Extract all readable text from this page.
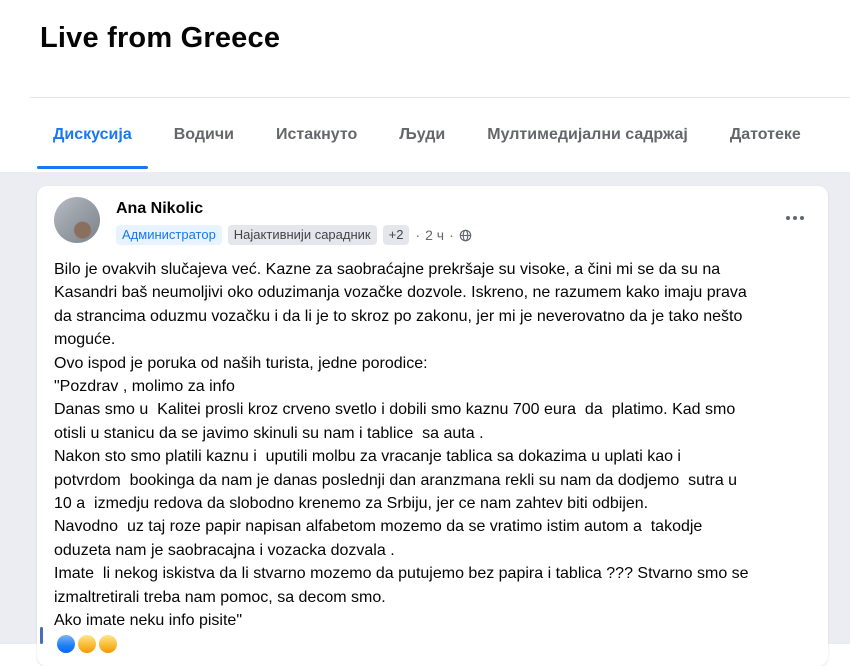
Live from Greece
Дискусија	Водичи	Истакнуто	Људи	Мултимедијални садржај	Датотеке
Ana Nikolic
Администратор	Најактивнији сарадник	+2 · 2 ч ·
Bilo je ovakvih slučajeva već. Kazne za saobraćajne prekršaje su visoke, a čini mi se da su na
Kasandri baš neumoljivi oko oduzimanja vozačke dozvole. Iskreno, ne razumem kako imaju prava
da strancima oduzmu vozačku i da li je to skroz po zakonu, jer mi je neverovatno da je tako nešto
moguće.
Ovo ispod je poruka od naših turista, jedne porodice:
"Pozdrav , molimo za info
Danas smo u  Kalitei prosli kroz crveno svetlo i dobili smo kaznu 700 eura  da  platimo. Kad smo
otisli u stanicu da se javimo skinuli su nam i tablice  sa auta .
Nakon sto smo platili kaznu i  uputili molbu za vracanje tablica sa dokazima u uplati kao i
potvrdom  bookinga da nam je danas poslednji dan aranzmana rekli su nam da dodjemo  sutra u
10 a  izmedju redova da slobodno krenemo za Srbiju, jer ce nam zahtev biti odbijen.
Navodno  uz taj roze papir napisan alfabetom mozemo da se vratimo istim autom a  takodje
oduzeta nam je saobracajna i vozacka dozvala .
Imate  li nekog iskistva da li stvarno mozemo da putujemo bez papira i tablica ??? Stvarno smo se
izmaltretirali treba nam pomoc, sa decom smo.
Ako imate neku info pisite"
